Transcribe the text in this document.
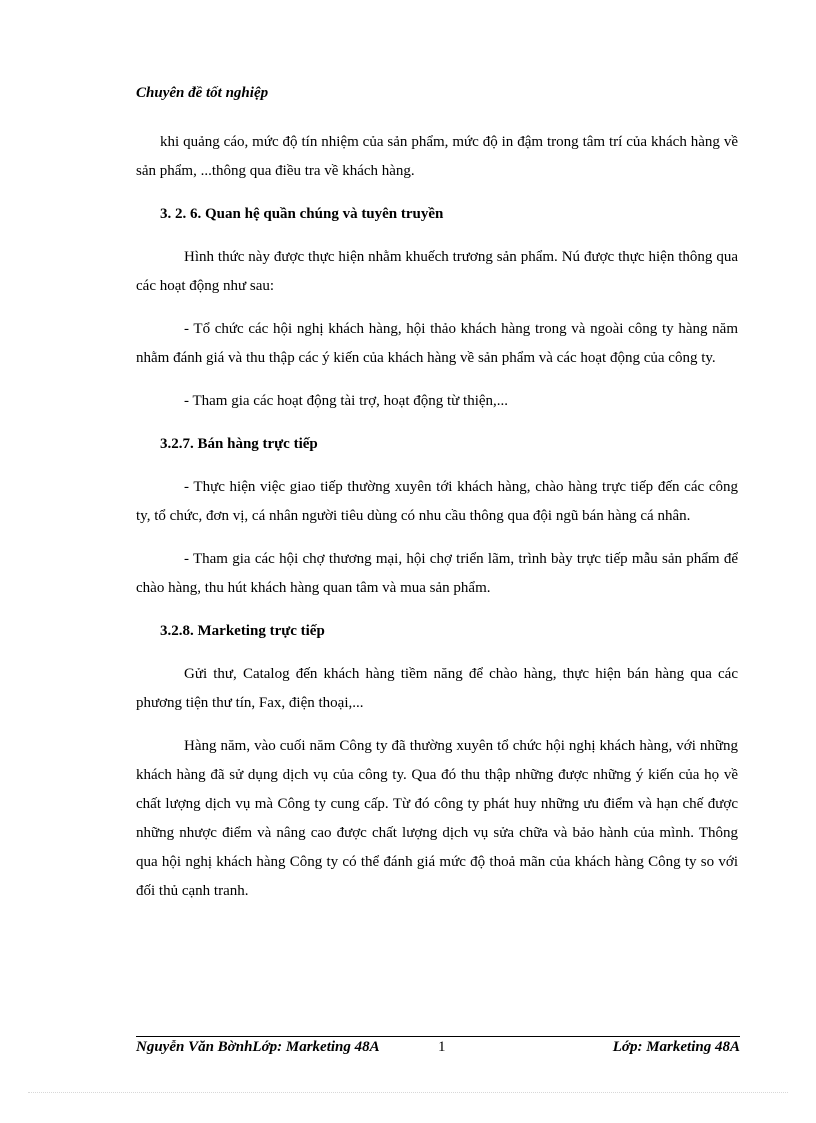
Chuyên đề tốt nghiệp

khi quảng cáo, mức độ tín nhiệm của sản phẩm, mức độ in đậm trong tâm trí của khách hàng về sản phẩm, ...thông qua điều tra về khách hàng.

3. 2. 6. Quan hệ quần chúng và tuyên truyền

Hình thức này được thực hiện nhằm khuếch trương sản phẩm. Nú được thực hiện thông qua các hoạt động như sau:

- Tổ chức các hội nghị khách hàng, hội thảo khách hàng trong và ngoài công ty hàng năm nhằm đánh giá và thu thập các ý kiến của khách hàng về sản phẩm và các hoạt động của công ty.

- Tham gia các hoạt động tài trợ, hoạt động từ thiện,...

3.2.7. Bán hàng trực tiếp

- Thực hiện việc giao tiếp thường xuyên tới khách hàng, chào hàng trực tiếp đến các công ty, tổ chức, đơn vị, cá nhân người tiêu dùng có nhu cầu thông qua đội ngũ bán hàng cá nhân.

- Tham gia các hội chợ thương mại, hội chợ triển lãm, trình bày trực tiếp mẫu sản phẩm để chào hàng, thu hút khách hàng quan tâm và mua sản phẩm.

3.2.8. Marketing trực tiếp

Gửi thư, Catalog đến khách hàng tiềm năng để chào hàng, thực hiện bán hàng qua các phương tiện thư tín, Fax, điện thoại,...

Hàng năm, vào cuối năm Công ty đã thường xuyên tổ chức hội nghị khách hàng, với những khách hàng đã sử dụng dịch vụ của công ty. Qua đó thu thập những được những ý kiến của họ về chất lượng dịch vụ mà Công ty cung cấp. Từ đó công ty phát huy những ưu điểm và hạn chế được những nhược điểm và nâng cao được chất lượng dịch vụ sửa chữa và bảo hành của mình. Thông qua hội nghị khách hàng Công ty có thể đánh giá mức độ thoả mãn của khách hàng Công ty so với đối thủ cạnh tranh.

Nguyễn Văn BờnhLớp: Marketing 48A	1	Lớp: Marketing 48A
